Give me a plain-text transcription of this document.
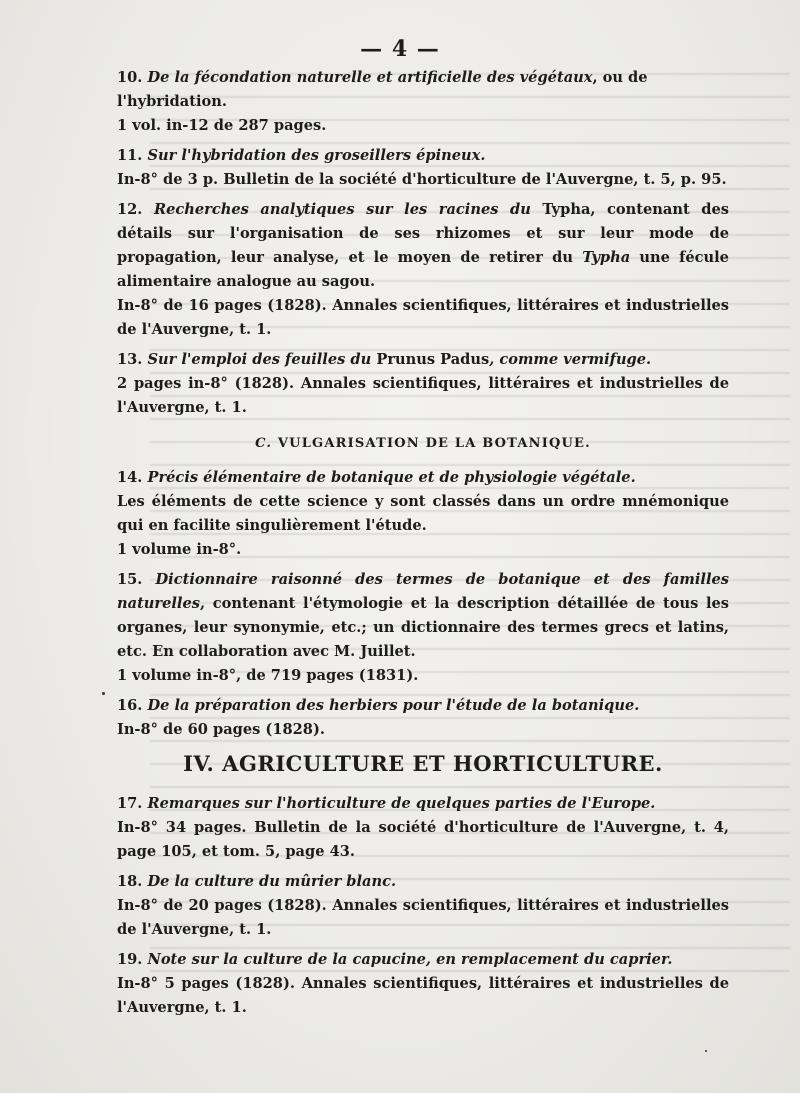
— 4 —
10. De la fécondation naturelle et artificielle des végétaux, ou de l'hybridation.
1 vol. in-12 de 287 pages.
11. Sur l'hybridation des groseillers épineux.
In-8° de 3 p. Bulletin de la société d'horticulture de l'Auvergne, t. 5, p. 95.
12. Recherches analytiques sur les racines du Typha, contenant des détails sur l'organisation de ses rhizomes et sur leur mode de propagation, leur analyse, et le moyen de retirer du Typha une fécule alimentaire analogue au sagou.
In-8° de 16 pages (1828). Annales scientifiques, littéraires et industrielles de l'Auvergne, t. 1.
13. Sur l'emploi des feuilles du Prunus Padus, comme vermifuge.
2 pages in-8° (1828). Annales scientifiques, littéraires et industrielles de l'Auvergne, t. 1.
C. VULGARISATION DE LA BOTANIQUE.
14. Précis élémentaire de botanique et de physiologie végétale.
Les éléments de cette science y sont classés dans un ordre mnémonique qui en facilite singulièrement l'étude.
1 volume in-8°.
15. Dictionnaire raisonné des termes de botanique et des familles naturelles, contenant l'étymologie et la description détaillée de tous les organes, leur synonymie, etc.; un dictionnaire des termes grecs et latins, etc. En collaboration avec M. Juillet.
1 volume in-8°, de 719 pages (1831).
16. De la préparation des herbiers pour l'étude de la botanique.
In-8° de 60 pages (1828).
IV. AGRICULTURE ET HORTICULTURE.
17. Remarques sur l'horticulture de quelques parties de l'Europe.
In-8° 34 pages. Bulletin de la société d'horticulture de l'Auvergne, t. 4, page 105, et tom. 5, page 43.
18. De la culture du mûrier blanc.
In-8° de 20 pages (1828). Annales scientifiques, littéraires et industrielles de l'Auvergne, t. 1.
19. Note sur la culture de la capucine, en remplacement du caprier.
In-8° 5 pages (1828). Annales scientifiques, littéraires et industrielles de l'Auvergne, t. 1.
